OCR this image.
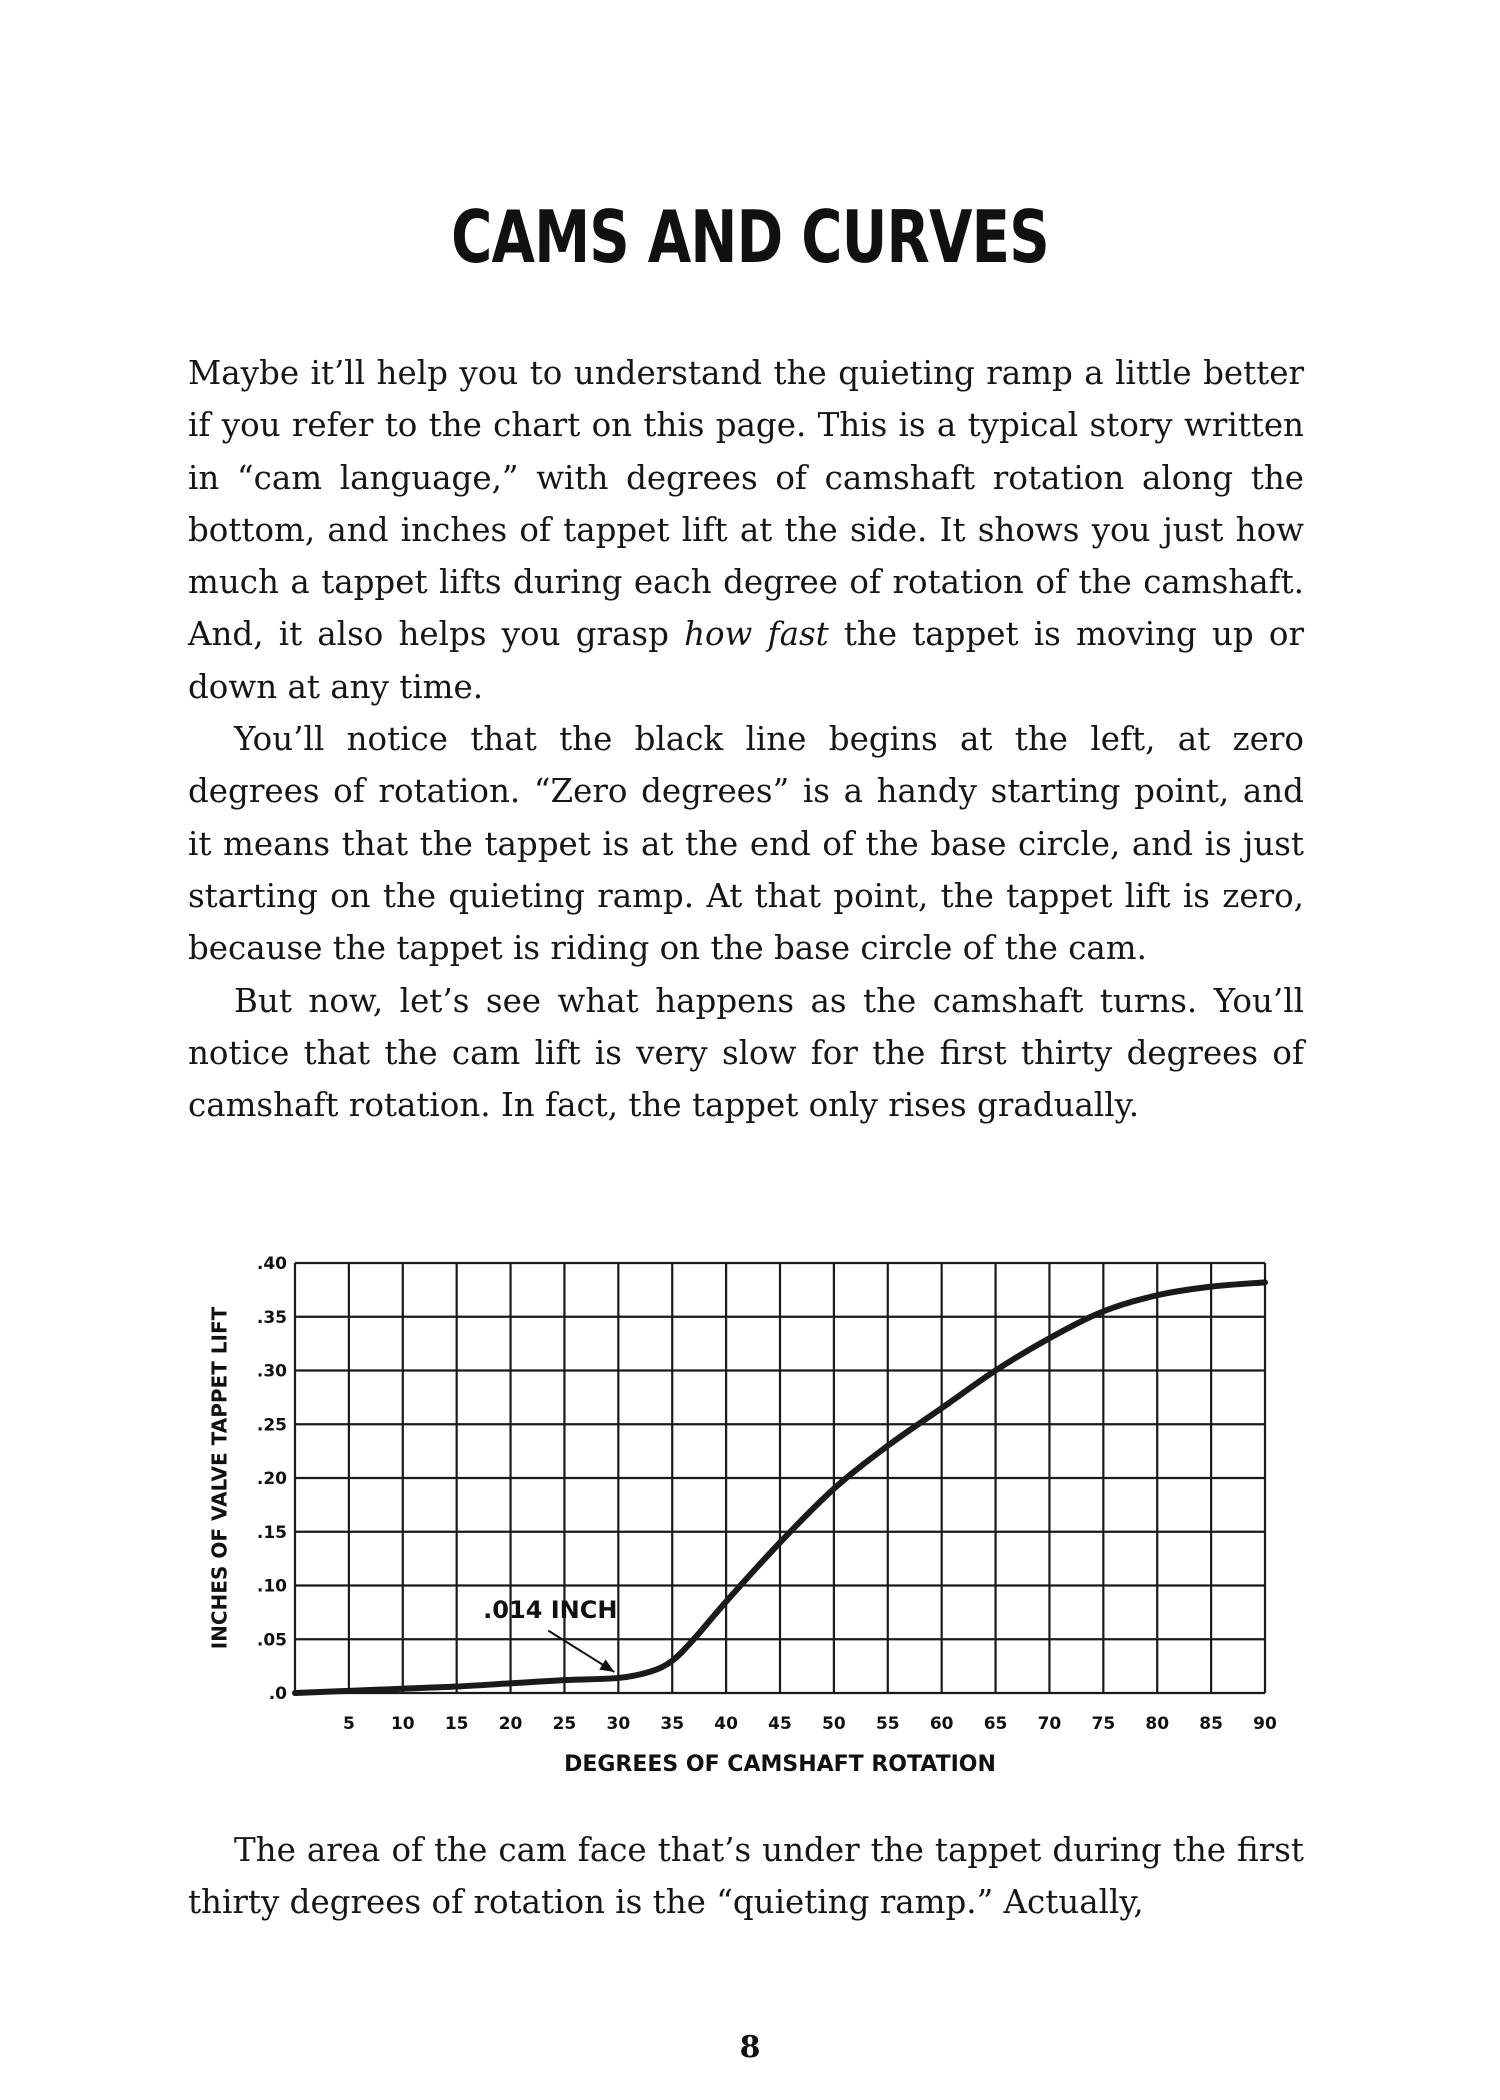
CAMS AND CURVES

Maybe it’ll help you to understand the quieting ramp a little better if you refer to the chart on this page. This is a typical story written in “cam language,” with degrees of camshaft rotation along the bottom, and inches of tappet lift at the side. It shows you just how much a tappet lifts during each degree of rotation of the camshaft. And, it also helps you grasp how fast the tappet is moving up or down at any time.

You’ll notice that the black line begins at the left, at zero degrees of rotation. “Zero degrees” is a handy starting point, and it means that the tappet is at the end of the base circle, and is just starting on the quieting ramp. At that point, the tappet lift is zero, because the tappet is riding on the base circle of the cam.

But now, let’s see what happens as the camshaft turns. You’ll notice that the cam lift is very slow for the first thirty degrees of camshaft rotation. In fact, the tappet only rises gradually.

.0
.05
.10
.15
.20
.25
.30
.35
.40
5 10 15 20 25 30 35 40 45 50 55 60 65 70 75 80 85 90
.014 INCH
INCHES OF VALVE TAPPET LIFT
DEGREES OF CAMSHAFT ROTATION

The area of the cam face that’s under the tappet during the first thirty degrees of rotation is the “quieting ramp.” Actually,

8
